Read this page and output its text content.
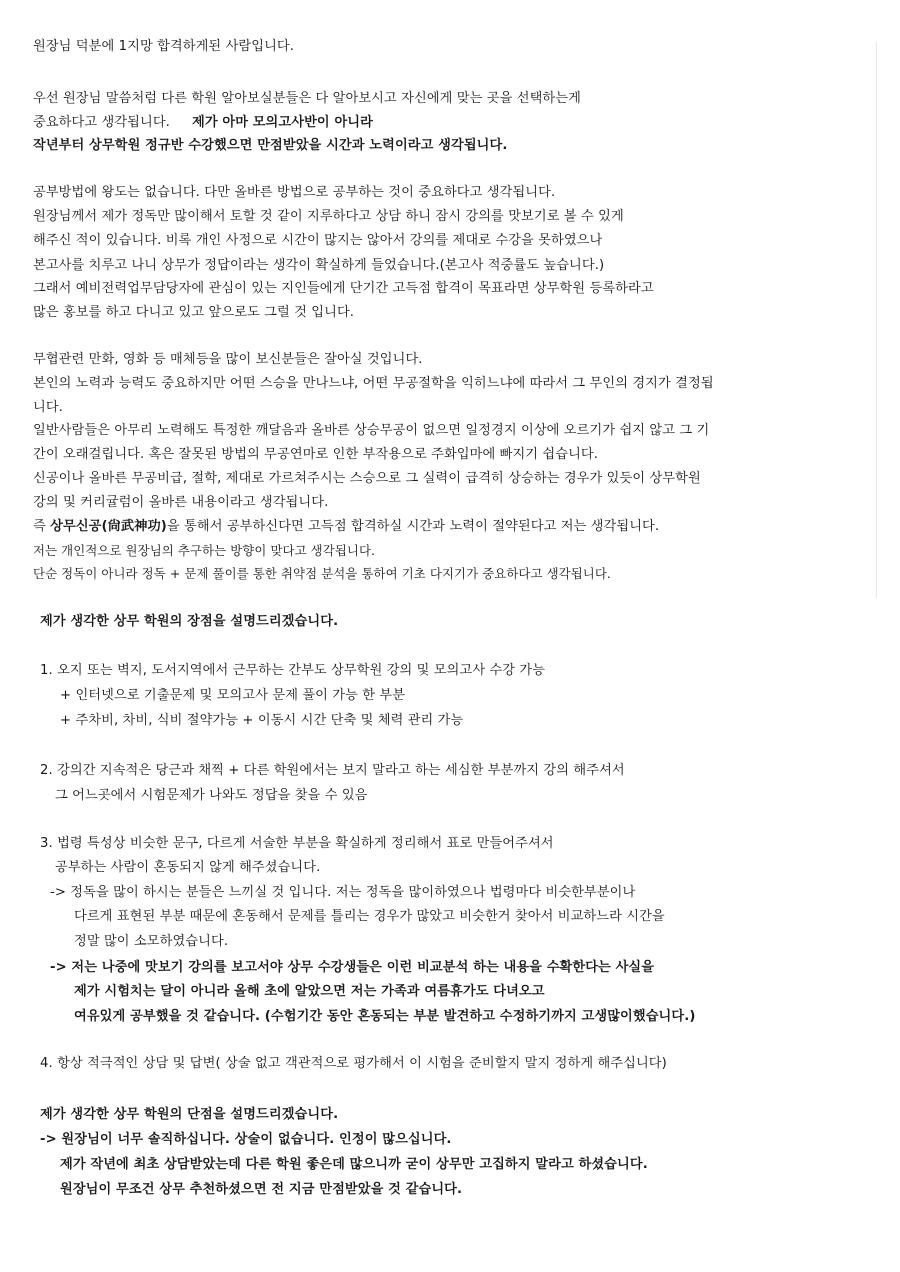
원장님 덕분에 1지망 합격하게된 사람입니다.
우선 원장님 말씀처럼 다른 학원 알아보실분들은 다 알아보시고 자신에게 맞는 곳을 선택하는게
중요하다고 생각됩니다. 제가 아마 모의고사반이 아니라
작년부터 상무학원 정규반 수강했으면 만점받았을 시간과 노력이라고 생각됩니다.
공부방법에 왕도는 없습니다. 다만 올바른 방법으로 공부하는 것이 중요하다고 생각됩니다.
원장님께서 제가 정독만 많이해서 토할 것 같이 지루하다고 상담 하니 잠시 강의를 맛보기로 볼 수 있게
해주신 적이 있습니다. 비록 개인 사정으로 시간이 많지는 않아서 강의를 제대로 수강을 못하였으나
본고사를 치루고 나니 상무가 정답이라는 생각이 확실하게 들었습니다.(본고사 적중률도 높습니다.)
그래서 예비전력업무담당자에 관심이 있는 지인들에게 단기간 고득점 합격이 목표라면 상무학원 등록하라고
많은 홍보를 하고 다니고 있고 앞으로도 그럴 것 입니다.
무협관련 만화, 영화 등 매체등을 많이 보신분들은 잘아실 것입니다.
본인의 노력과 능력도 중요하지만 어떤 스승을 만나느냐, 어떤 무공절학을 익히느냐에 따라서 그 무인의 경지가 결정됩
니다.
일반사람들은 아무리 노력해도 특정한 깨달음과 올바른 상승무공이 없으면 일정경지 이상에 오르기가 쉽지 않고 그 기
간이 오래걸립니다. 혹은 잘못된 방법의 무공연마로 인한 부작용으로 주화입마에 빠지기 쉽습니다.
신공이나 올바른 무공비급, 절학, 제대로 가르쳐주시는 스승으로 그 실력이 급격히 상승하는 경우가 있듯이 상무학원
강의 및 커리귤럼이 올바른 내용이라고 생각됩니다.
즉 상무신공(尙武神功)을 통해서 공부하신다면 고득점 합격하실 시간과 노력이 절약된다고 저는 생각됩니다.
저는 개인적으로 원장님의 추구하는 방향이 맞다고 생각됩니다.
단순 정독이 아니라 정독 + 문제 풀이를 통한 취약점 분석을 통하여 기초 다지기가 중요하다고 생각됩니다.
제가 생각한 상무 학원의 장점을 설명드리겠습니다.
1. 오지 또는 벽지, 도서지역에서 근무하는 간부도 상무학원 강의 및 모의고사 수강 가능
+ 인터넷으로 기출문제 및 모의고사 문제 풀이 가능 한 부분
+ 주차비, 차비, 식비 절약가능 + 이동시 시간 단축 및 체력 관리 가능
2. 강의간 지속적은 당근과 채찍 + 다른 학원에서는 보지 말라고 하는 세심한 부분까지 강의 해주셔서
그 어느곳에서 시험문제가 나와도 정답을 찾을 수 있음
3. 법령 특성상 비슷한 문구, 다르게 서술한 부분을 확실하게 정리해서 표로 만들어주셔서
공부하는 사람이 혼동되지 않게 해주셨습니다.
-> 정독을 많이 하시는 분들은 느끼실 것 입니다. 저는 정독을 많이하였으나 법령마다 비슷한부분이나
다르게 표현된 부분 때문에 혼동해서 문제를 틀리는 경우가 많았고 비슷한거 찾아서 비교하느라 시간을
정말 많이 소모하였습니다.
-> 저는 나중에 맛보기 강의를 보고서야 상무 수강생들은 이런 비교분석 하는 내용을 수확한다는 사실을
제가 시험치는 달이 아니라 올해 초에 알았으면 저는 가족과 여름휴가도 다녀오고
여유있게 공부했을 것 같습니다. (수험기간 동안 혼동되는 부분 발견하고 수정하기까지 고생많이했습니다.)
4. 항상 적극적인 상담 및 답변( 상술 없고 객관적으로 평가해서 이 시험을 준비할지 말지 정하게 해주십니다)
제가 생각한 상무 학원의 단점을 설명드리겠습니다.
-> 원장님이 너무 솔직하십니다. 상술이 없습니다. 인정이 많으십니다.
제가 작년에 최초 상담받았는데 다른 학원 좋은데 많으니까 굳이 상무만 고집하지 말라고 하셨습니다.
원장님이 무조건 상무 추천하셨으면 전 지금 만점받았을 것 같습니다.
